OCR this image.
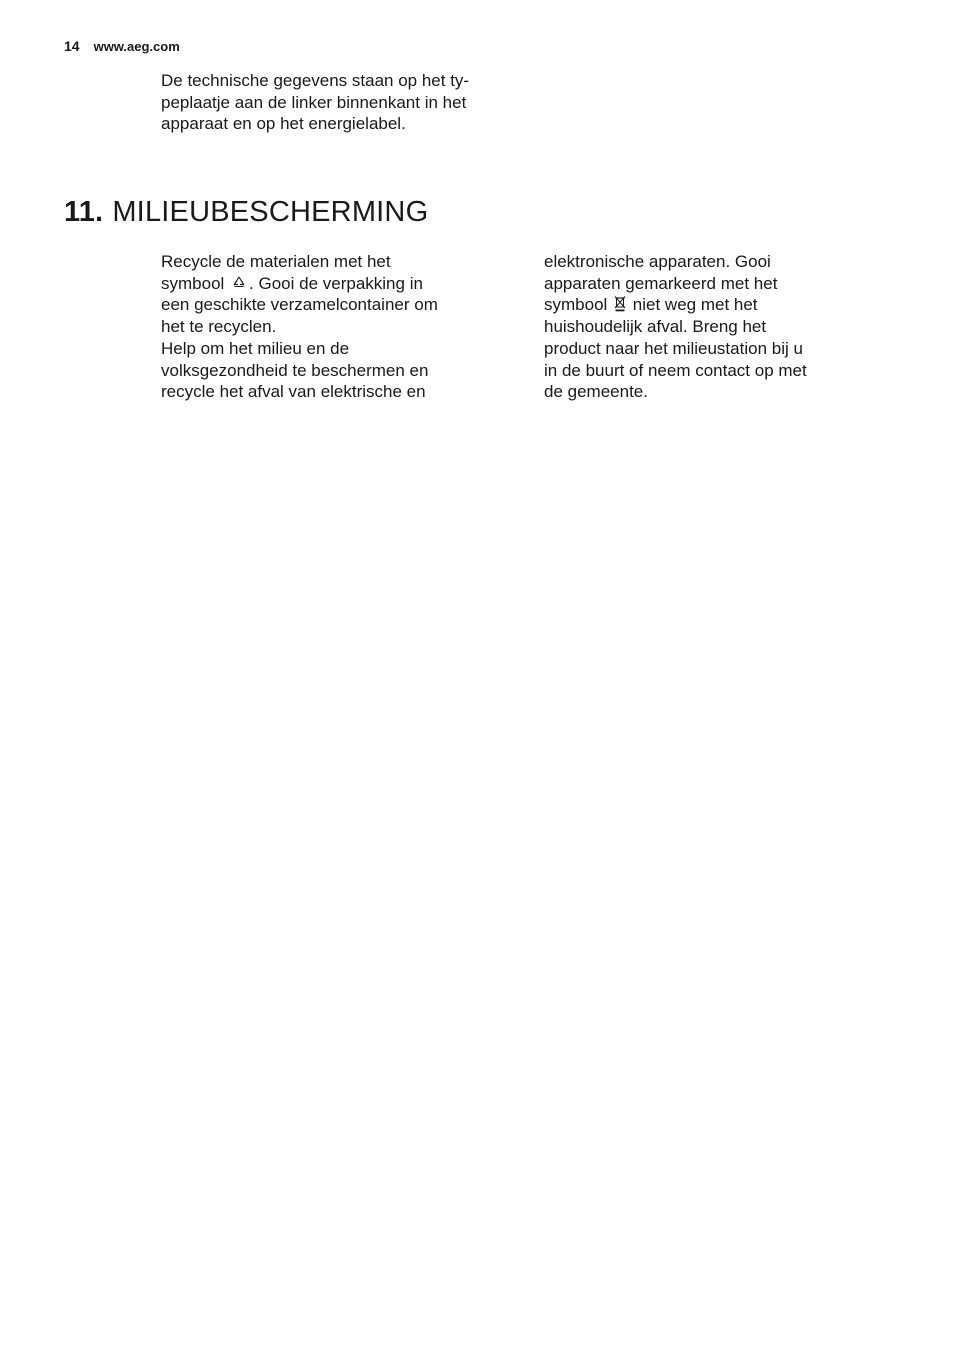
14 www.aeg.com

De technische gegevens staan op het ty-
peplaatje aan de linker binnenkant in het
apparaat en op het energielabel.

11. MILIEUBESCHERMING

Recycle de materialen met het
symbool . Gooi de verpakking in
een geschikte verzamelcontainer om
het te recyclen.
Help om het milieu en de
volksgezondheid te beschermen en
recycle het afval van elektrische en

elektronische apparaten. Gooi
apparaten gemarkeerd met het
symbool niet weg met het
huishoudelijk afval. Breng het
product naar het milieustation bij u
in de buurt of neem contact op met
de gemeente.
